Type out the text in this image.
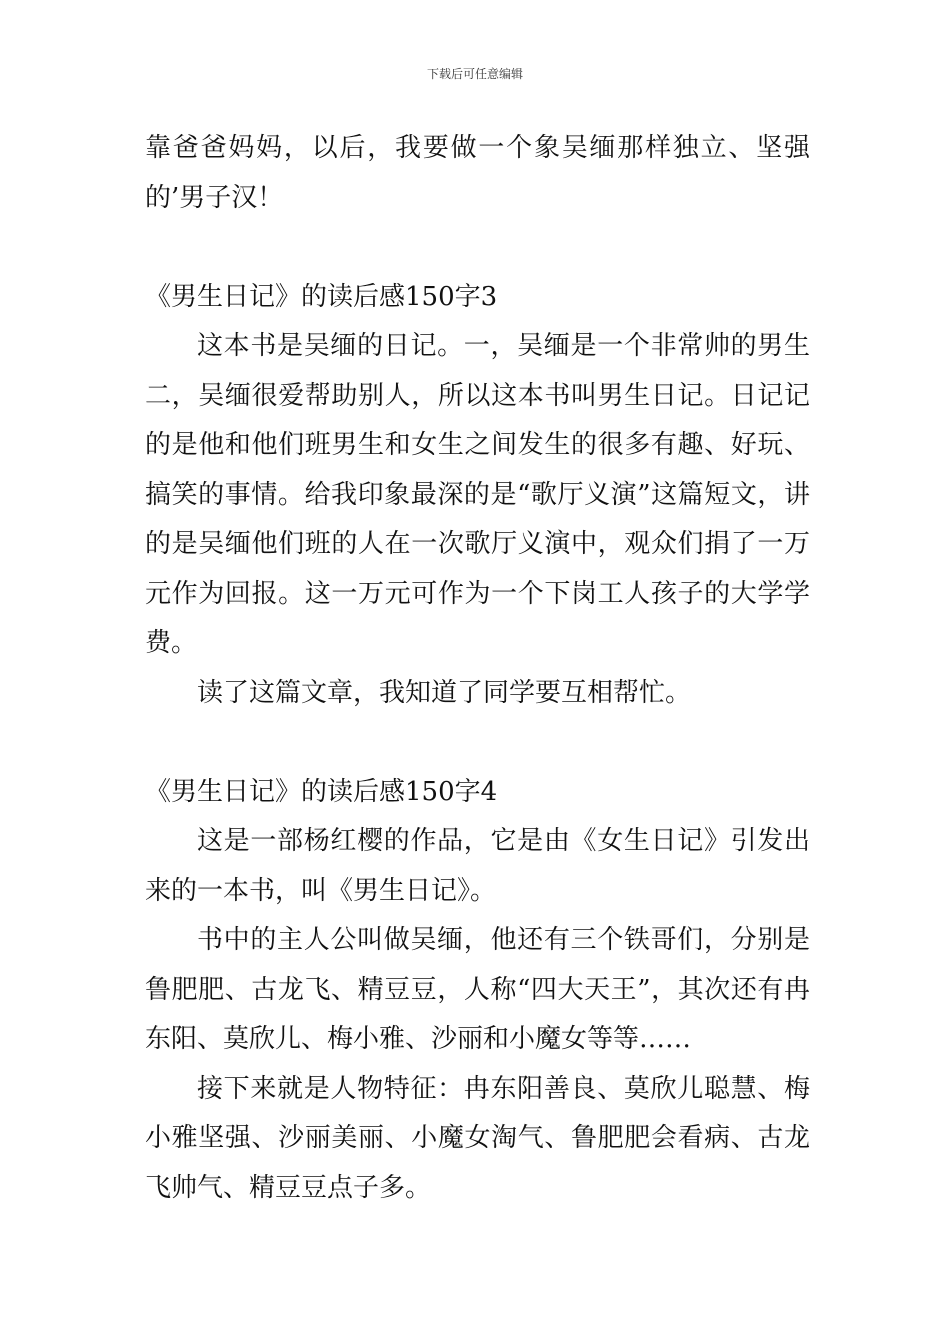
下载后可任意编辑

靠爸爸妈妈，以后，我要做一个象吴缅那样独立、坚强的’男子汉！

《男生日记》的读后感150字3

这本书是吴缅的日记。一，吴缅是一个非常帅的男生二，吴缅很爱帮助别人，所以这本书叫男生日记。日记记的是他和他们班男生和女生之间发生的很多有趣、好玩、搞笑的事情。给我印象最深的是“歌厅义演”这篇短文，讲的是吴缅他们班的人在一次歌厅义演中，观众们捐了一万元作为回报。这一万元可作为一个下岗工人孩子的大学学费。

读了这篇文章，我知道了同学要互相帮忙。

《男生日记》的读后感150字4

这是一部杨红樱的作品，它是由《女生日记》引发出来的一本书，叫《男生日记》。

书中的主人公叫做吴缅，他还有三个铁哥们，分别是鲁肥肥、古龙飞、精豆豆，人称“四大天王”，其次还有冉东阳、莫欣儿、梅小雅、沙丽和小魔女等等……

接下来就是人物特征：冉东阳善良、莫欣儿聪慧、梅小雅坚强、沙丽美丽、小魔女淘气、鲁肥肥会看病、古龙飞帅气、精豆豆点子多。
